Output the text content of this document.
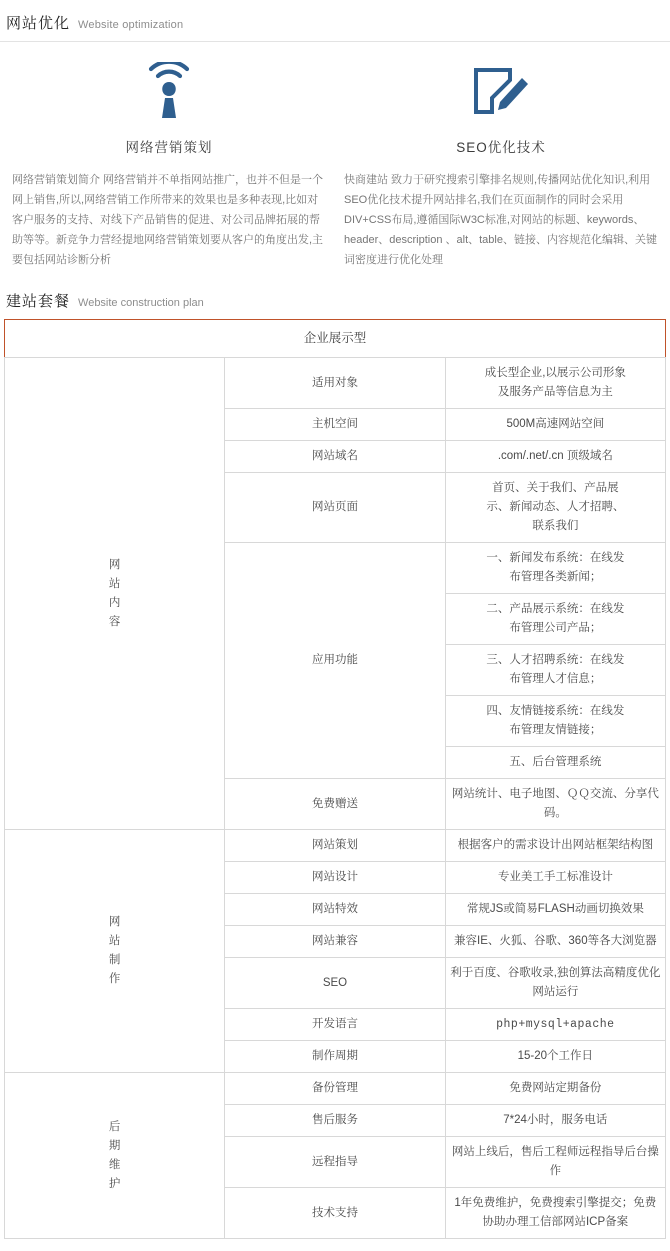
网站优化 Website optimization
网络营销策划
网络营销策划简介 网络营销并不单指网站推广，也并不但是一个网上销售,所以,网络营销工作所带来的效果也是多种表现,比如对客户服务的支持、对线下产品销售的促进、对公司品牌拓展的帮助等等。新竞争力营经提地网络营销策划要从客户的角度出发,主要包括网站诊断分析
SEO优化技术
快商建站 致力于研究搜索引擎排名规则,传播网站优化知识,利用SEO优化技术提升网站排名,我们在页面制作的同时会采用DIV+CSS布局,遵循国际W3C标准,对网站的标题、keywords、header、description 、alt、table、链接、内容规范化编辑、关键词密度进行优化处理
建站套餐 Website construction plan
企业展示型		

网站内容	适用对象	成长型企业,以展示公司形象
及服务产品等信息为主
	主机空间	500M高速网站空间
	网站域名	.com/.net/.cn 顶级域名
	网站页面	首页、关于我们、产品展
示、新闻动态、人才招聘、
联系我们
	应用功能	一、新闻发布系统：在线发
布管理各类新闻；
		二、产品展示系统：在线发
布管理公司产品；
		三、人才招聘系统：在线发
布管理人才信息；
		四、友情链接系统：在线发
布管理友情链接；
		五、后台管理系统
	免费赠送	网站统计、电子地图、ＱＱ交流、分享代码。

网站制作	网站策划	根据客户的需求设计出网站框架结构图
	网站设计	专业美工手工标准设计
	网站特效	常规JS或简易FLASH动画切换效果
	网站兼容	兼容IE、火狐、谷歌、360等各大浏览器
	SEO	利于百度、谷歌收录,独创算法高精度优化网站运行
	开发语言	php+mysql+apache
	制作周期	15-20个工作日

后期维护	备份管理	免费网站定期备份
	售后服务	7*24小时，服务电话
	远程指导	网站上线后，售后工程师远程指导后台操作
	技术支持	1年免费维护，免费搜索引擎提交；免费协助办理工信部网站ICP备案
